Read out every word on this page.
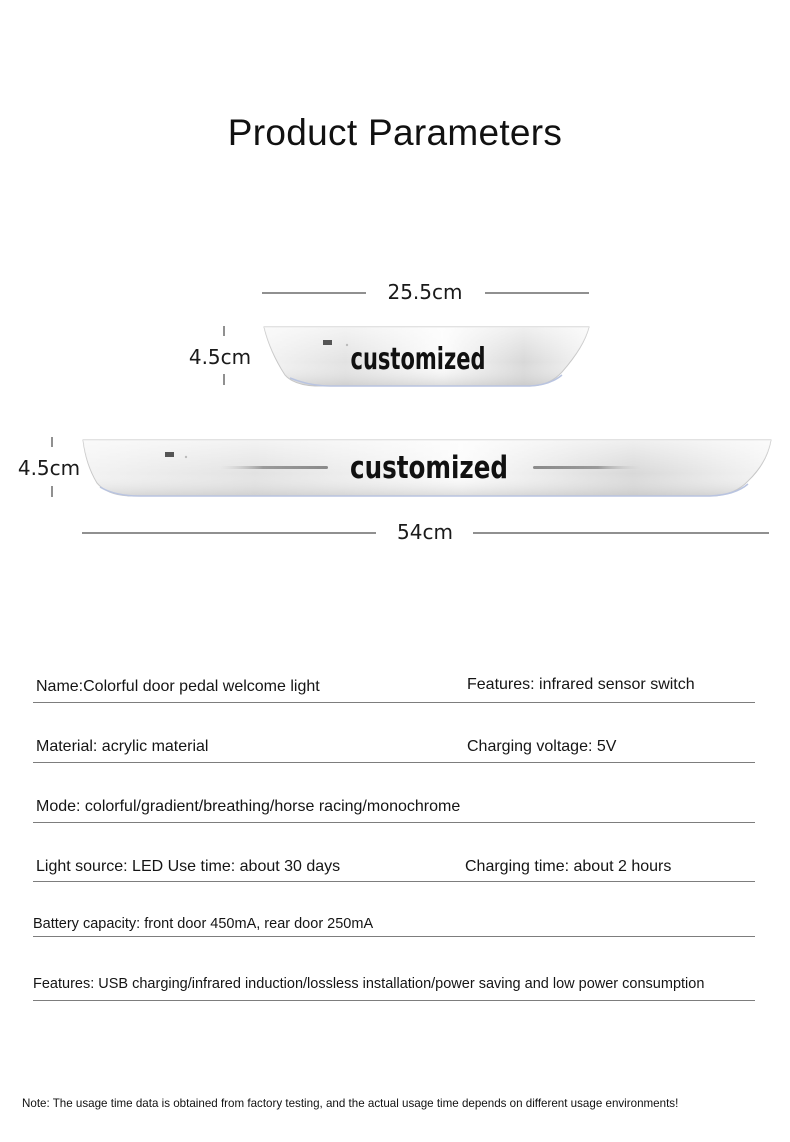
Product Parameters
25.5cm
4.5cm	customized
4.5cm	customized
54cm
Name:Colorful door pedal welcome light	Features: infrared sensor switch
Material: acrylic material	Charging voltage: 5V
Mode: colorful/gradient/breathing/horse racing/monochrome
Light source: LED Use time: about 30 days	Charging time: about 2 hours
Battery capacity: front door 450mA, rear door 250mA
Features: USB charging/infrared induction/lossless installation/power saving and low power consumption
Note: The usage time data is obtained from factory testing, and the actual usage time depends on different usage environments!
